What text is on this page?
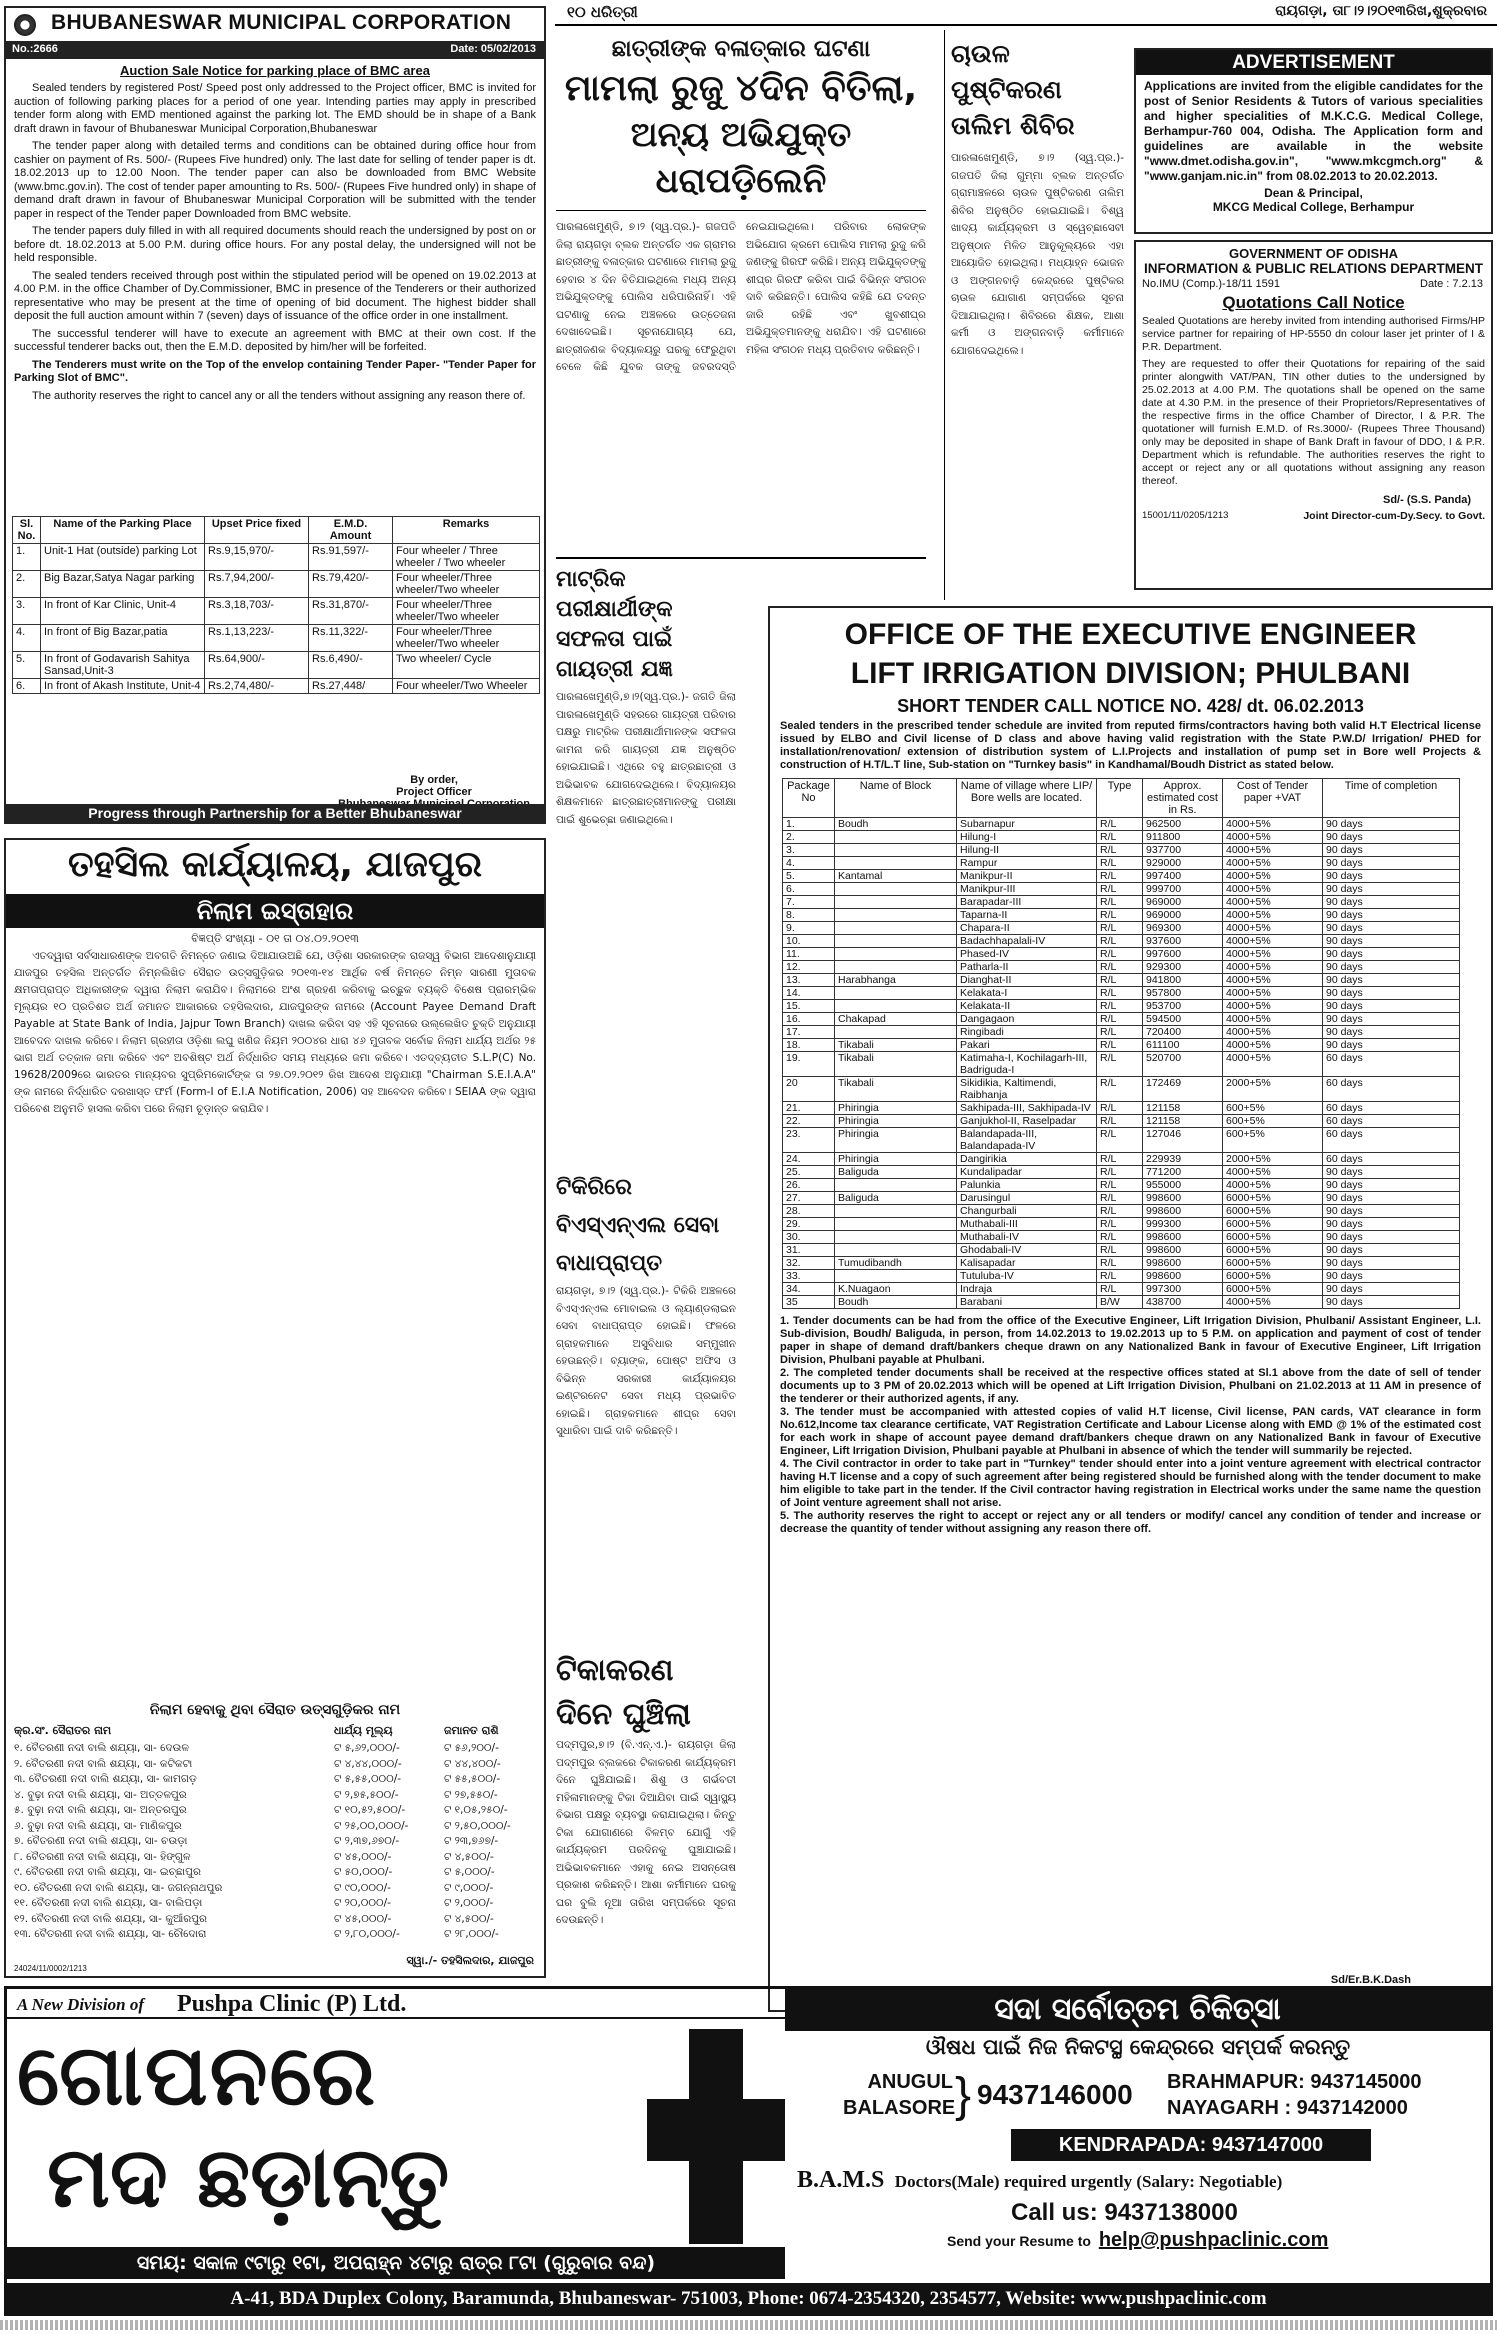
୧୦ ଧରିତ୍ରୀ	ରାୟଗଡ଼ା, ତା୮।୨।୨୦୧୩ରିଖ,ଶୁକ୍ରବାର
BHUBANESWAR MUNICIPAL CORPORATION
No.:2666	Date: 05/02/2013
Auction Sale Notice for parking place of BMC area

Sealed tenders by registered Post/ Speed post only addressed to the Project officer, BMC is invited for auction of following parking places for a period of one year. Intending parties may apply in prescribed tender form along with EMD mentioned against the parking lot. The EMD should be in shape of a Bank draft drawn in favour of Bhubaneswar Municipal Corporation,Bhubaneswar

The tender paper along with detailed terms and conditions can be obtained during office hour from cashier on payment of Rs. 500/- (Rupees Five hundred) only. The last date for selling of tender paper is dt. 18.02.2013 up to 12.00 Noon. The tender paper can also be downloaded from BMC Website (www.bmc.gov.in). The cost of tender paper amounting to Rs. 500/- (Rupees Five hundred only) in shape of demand draft drawn in favour of Bhubaneswar Municipal Corporation will be submitted with the tender paper in respect of the Tender paper Downloaded from BMC website.

The tender papers duly filled in with all required documents should reach the undersigned by post on or before dt. 18.02.2013 at 5.00 P.M. during office hours. For any postal delay, the undersigned will not be held responsible.

The sealed tenders received through post within the stipulated period will be opened on 19.02.2013 at 4.00 P.M. in the office Chamber of Dy.Commissioner, BMC in presence of the Tenderers or their authorized representative who may be present at the time of opening of bid document. The highest bidder shall deposit the full auction amount within 7 (seven) days of issuance of the office order in one installment.

The successful tenderer will have to execute an agreement with BMC at their own cost. If the successful tenderer backs out, then the E.M.D. deposited by him/her will be forfeited.

The Tenderers must write on the Top of the envelop containing Tender Paper- "Tender Paper for Parking Slot of BMC".

The authority reserves the right to cancel any or all the tenders without assigning any reason there of.

Sl. No.	Name of the Parking Place	Upset Price fixed	E.M.D. Amount	Remarks
1.	Unit-1 Hat (outside) parking Lot	Rs.9,15,970/-	Rs.91,597/-	Four wheeler / Three wheeler / Two wheeler
2.	Big Bazar,Satya Nagar parking	Rs.7,94,200/-	Rs.79,420/-	Four wheeler/Three wheeler/Two wheeler
3.	In front of Kar Clinic, Unit-4	Rs.3,18,703/-	Rs.31,870/-	Four wheeler/Three wheeler/Two wheeler
4.	In front of Big Bazar,patia	Rs.1,13,223/-	Rs.11,322/-	Four wheeler/Three wheeler/Two wheeler
5.	In front of Godavarish Sahitya Sansad,Unit-3	Rs.64,900/-	Rs.6,490/-	Two wheeler/ Cycle
6.	In front of Akash Institute, Unit-4	Rs.2,74,480/-	Rs.27,448/	Four wheeler/Two Wheeler
By order,
Project Officer
Progress through Partnership for a Better Bhubaneswar
ତହସିଲ କାର୍ଯ୍ୟାଳୟ, ଯାଜପୁର
ନିଲାମ ଇସ୍ତାହାର
ବିଜ୍ଞପ୍ତି ସଂଖ୍ୟା - ୦୧ ତା ୦୪.୦୨.୨୦୧୩

ଏତଦ୍ୱାରା ସର୍ବସାଧାରଣଙ୍କ ଅବଗତି ନିମନ୍ତେ ଜଣାଇ ଦିଆଯାଉଅଛି ଯେ, ଓଡ଼ିଶା ସରକାରଙ୍କ ରାଜସ୍ୱ ବିଭାଗ ଆଦେଶାନୁଯାୟୀ ଯାଜପୁର ତହସିଲ ଅନ୍ତର୍ଗତ ନିମ୍ନଲିଖିତ ସୈରାତ ଉତ୍ସଗୁଡ଼ିକର ୨୦୧୩-୧୪ ଆର୍ଥିକ ବର୍ଷ ନିମନ୍ତେ ନିମ୍ନ ସାରଣୀ ମୁତାବକ କ୍ଷମତାପ୍ରାପ୍ତ ଅଧିକାରୀଙ୍କ ଦ୍ୱାରା ନିଲାମ କରାଯିବ। ନିଲାମରେ ଅଂଶ ଗ୍ରହଣ କରିବାକୁ ଇଚ୍ଛୁକ ବ୍ୟକ୍ତି ବିଶେଷ ପ୍ରାରମ୍ଭିକ ମୂଲ୍ୟର ୧୦ ପ୍ରତିଶତ ଅର୍ଥ ଜମାନତ ଆକାରରେ ତହସିଲଦାର, ଯାଜପୁରଙ୍କ ନାମରେ (Account Payee Demand Draft Payable at State Bank of India, Jajpur Town Branch) ଦାଖଲ କରିବା ସହ ଏହି ସୂଚନାରେ ଉଲ୍ଲେଖିତ ଚୁକ୍ତି ଅନୁଯାୟୀ ଆବେଦନ ଦାଖଲ କରିବେ। ନିଲାମ ଗ୍ରହୀତା ଓଡ଼ିଶା ଲଘୁ ଖଣିଜ ନିୟମ ୨୦୦୪ର ଧାରା ୪୬ ମୁତାବକ ସର୍ବୋଚ୍ଚ ନିଲାମ ଧାର୍ଯ୍ୟ ଅର୍ଥର ୨୫ ଭାଗ ଅର୍ଥ ତତ୍କାଳ ଜମା କରିବେ ଏବଂ ଅବଶିଷ୍ଟ ଅର୍ଥ ନିର୍ଦ୍ଧାରିତ ସମୟ ମଧ୍ୟରେ ଜମା କରିବେ। ଏତଦ୍‌ବ୍ୟତୀତ S.L.P(C) No. 19628/2009ରେ ଭାରତର ମାନ୍ୟବର ସୁପ୍ରିମକୋର୍ଟଙ୍କ ତା ୨୭.୦୨.୨୦୧୨ ରିଖ ଆଦେଶ ଅନୁଯାୟୀ "Chairman S.E.I.A.A" ଙ୍କ ନାମରେ ନିର୍ଦ୍ଧାରିତ ଦରଖାସ୍ତ ଫର୍ମ (Form-I of E.I.A Notification, 2006) ସହ ଆବେଦନ କରିବେ। SEIAA ଙ୍କ ଦ୍ୱାରା ପରିବେଶ ଅନୁମତି ହାସଲ କରିବା ପରେ ନିଲାମ ଚୂଡ଼ାନ୍ତ କରାଯିବ।

ନିଲାମ ହେବାକୁ ଥିବା ସୈରାତ ଉତ୍ସଗୁଡ଼ିକର ନାମ
କ୍ର.ସଂ. ସୈରାତର ନାମ	ଧାର୍ଯ୍ୟ ମୂଲ୍ୟ	ଜମାନତ ରାଶି
୧. ବୈତରଣୀ ନଦୀ ବାଲି ଶଯ୍ୟା, ସା- ଦେଉଳ	ଟ ୫,୬୨,୦୦୦/-	ଟ ୫୬,୨୦୦/-
୨. ବୈତରଣୀ ନଦୀ ବାଲି ଶଯ୍ୟା, ସା- କଟିକଟା	ଟ ୪,୪୪,୦୦୦/-	ଟ ୪୪,୪୦୦/-
୩. ବୈତରଣୀ ନଦୀ ବାଲି ଶଯ୍ୟା, ସା- କାମଗଡ଼	ଟ ୫,୫୫,୦୦୦/-	ଟ ୫୫,୫୦୦/-
୪. ବୁଢ଼ା ନଦୀ ବାଲି ଶଯ୍ୟା, ସା- ଅତ୍ତଳପୁର	ଟ ୨,୭୫,୫୦୦/-	ଟ ୨୭,୫୫୦/-
୫. ବୁଢ଼ା ନଦୀ ବାଲି ଶଯ୍ୟା, ସା- ଅନ୍ତରପୁର	ଟ ୧୦,୫୨,୫୦୦/-	ଟ ୧,୦୫,୨୫୦/-
୬. ବୁଢ଼ା ନଦୀ ବାଲି ଶଯ୍ୟା, ସା- ମାଣିକପୁର	ଟ ୨୫,୦୦,୦୦୦/-	ଟ ୨,୫୦,୦୦୦/-
୭. ବୈତରଣୀ ନଦୀ ବାଲି ଶଯ୍ୟା, ସା- ଚଉଡ଼ା	ଟ ୨,୩୭,୬୭୦/-	ଟ ୨୩,୭୬୭/-
୮. ବୈତରଣୀ ନଦୀ ବାଲି ଶଯ୍ୟା, ସା- ହିଙ୍ଗୁଳ	ଟ ୪୫,୦୦୦/-	ଟ ୪,୫୦୦/-
୯. ବୈତରଣୀ ନଦୀ ବାଲି ଶଯ୍ୟା, ସା- ଇଚ୍ଛାପୁର	ଟ ୫୦,୦୦୦/-	ଟ ୫,୦୦୦/-
୧୦. ବୈତରଣୀ ନଦୀ ବାଲି ଶଯ୍ୟା, ସା- ଜଗନ୍ନାଥପୁର	ଟ ୯୦,୦୦୦/-	ଟ ୯,୦୦୦/-
୧୧. ବୈତରଣୀ ନଦୀ ବାଲି ଶଯ୍ୟା, ସା- ବାଲିପଡ଼ା	ଟ ୨୦,୦୦୦/-	ଟ ୨,୦୦୦/-
୧୨. ବୈତରଣୀ ନଦୀ ବାଲି ଶଯ୍ୟା, ସା- କୁଆଁରପୁର	ଟ ୪୫,୦୦୦/-	ଟ ୪,୫୦୦/-
୧୩. ବୈତରଣୀ ନଦୀ ବାଲି ଶଯ୍ୟା, ସା- ଚୌଦୋରା	ଟ ୨,୮୦,୦୦୦/-	ଟ ୨୮,୦୦୦/-
ସ୍ୱା./- ତହସିଲଦାର, ଯାଜପୁର
24024/11/0002/1213
ଛାତ୍ରୀଙ୍କ ବଳାତ୍କାର ଘଟଣା
ମାମଲା ରୁଜୁ ୪ଦିନ ବିତିଲା,
ଅନ୍ୟ ଅଭିଯୁକ୍ତ ଧରାପଡ଼ିଲେନି

ପାରଳାଖେମୁଣ୍ଡି, ୭।୨ (ସ୍ୱ.ପ୍ର.)- ଗଜପତି ଜିଲା ରାୟଗଡ଼ା ବ୍ଲକ ଅନ୍ତର୍ଗତ ଏକ ଗ୍ରାମର ଛାତ୍ରୀଙ୍କୁ ବଳାତ୍କାର ଘଟଣାରେ ମାମଲା ରୁଜୁ ହେବାର ୪ ଦିନ ବିତିଯାଇଥିଲେ ମଧ୍ୟ ଅନ୍ୟ ଅଭିଯୁକ୍ତଙ୍କୁ ପୋଲିସ ଧରିପାରିନାହିଁ। ଏହି ଘଟଣାକୁ ନେଇ ଅଞ୍ଚଳରେ ଉତ୍ତେଜନା ଦେଖାଦେଇଛି। ସୂଚନାଯୋଗ୍ୟ ଯେ, ଛାତ୍ରୀଜଣକ ବିଦ୍ୟାଳୟରୁ ଘରକୁ ଫେରୁଥିବା ବେଳେ କିଛି ଯୁବକ ତାଙ୍କୁ ଜବରଦସ୍ତି ନେଇଯାଇଥିଲେ। ପରିବାର ଲୋକଙ୍କ ଅଭିଯୋଗ କ୍ରମେ ପୋଲିସ ମାମଲା ରୁଜୁ କରି ଜଣଙ୍କୁ ଗିରଫ କରିଛି। ଅନ୍ୟ ଅଭିଯୁକ୍ତଙ୍କୁ ଶୀଘ୍ର ଗିରଫ କରିବା ପାଇଁ ବିଭିନ୍ନ ସଂଗଠନ ଦାବି କରିଛନ୍ତି। ପୋଲିସ କହିଛି ଯେ ତଦନ୍ତ ଜାରି ରହିଛି ଏବଂ ଖୁବଶୀଘ୍ର ଅଭିଯୁକ୍ତମାନଙ୍କୁ ଧରାଯିବ। ଏହି ଘଟଣାରେ ମହିଳା ସଂଗଠନ ମଧ୍ୟ ପ୍ରତିବାଦ କରିଛନ୍ତି।

ମାଟ୍ରିକ ପରୀକ୍ଷାର୍ଥୀଙ୍କ ସଫଳତା ପାଇଁ ଗାୟତ୍ରୀ ଯଜ୍ଞ

ପାରଳାଖେମୁଣ୍ଡି,୭।୨(ସ୍ୱ.ପ୍ର.)- ଜଗତି ଜିଲା ପାରଳାଖେମୁଣ୍ଡି ସହରରେ ଗାୟତ୍ରୀ ପରିବାର ପକ୍ଷରୁ ମାଟ୍ରିକ ପରୀକ୍ଷାର୍ଥୀମାନଙ୍କ ସଫଳତା କାମନା କରି ଗାୟତ୍ରୀ ଯଜ୍ଞ ଅନୁଷ୍ଠିତ ହୋଇଯାଇଛି। ଏଥିରେ ବହୁ ଛାତ୍ରଛାତ୍ରୀ ଓ ଅଭିଭାବକ ଯୋଗଦେଇଥିଲେ। ବିଦ୍ୟାଳୟର ଶିକ୍ଷକମାନେ ଛାତ୍ରଛାତ୍ରୀମାନଙ୍କୁ ପରୀକ୍ଷା ପାଇଁ ଶୁଭେଚ୍ଛା ଜଣାଇଥିଲେ।

ଟିକିରିରେ ବିଏସ୍‌ଏନ୍‌ଏଲ ସେବା ବାଧାପ୍ରାପ୍ତ

ରାୟଗଡ଼ା, ୭।୨ (ସ୍ୱ.ପ୍ର.)- ଟିକିରି ଅଞ୍ଚଳରେ ବିଏସ୍‌ଏନ୍‌ଏଲ ମୋବାଇଲ ଓ ଲ୍ୟାଣ୍ଡଲାଇନ ସେବା ବାଧାପ୍ରାପ୍ତ ହୋଇଛି। ଫଳରେ ଗ୍ରାହକମାନେ ଅସୁବିଧାର ସମ୍ମୁଖୀନ ହେଉଛନ୍ତି। ବ୍ୟାଙ୍କ, ପୋଷ୍ଟ ଅଫିସ ଓ ବିଭିନ୍ନ ସରକାରୀ କାର୍ଯ୍ୟାଳୟର ଇଣ୍ଟରନେଟ ସେବା ମଧ୍ୟ ପ୍ରଭାବିତ ହୋଇଛି। ଗ୍ରାହକମାନେ ଶୀଘ୍ର ସେବା ସୁଧାରିବା ପାଇଁ ଦାବି କରିଛନ୍ତି।

ଟିକାକରଣ ଦିନେ ଘୁଞ୍ଚିଲା

ପଦ୍ମପୁର,୭।୨ (ବି.ଏନ୍.ଏ.)- ରାୟଗଡ଼ା ଜିଲା ପଦ୍ମପୁର ବ୍ଲକରେ ଟିକାକରଣ କାର୍ଯ୍ୟକ୍ରମ ଦିନେ ଘୁଞ୍ଚିଯାଇଛି। ଶିଶୁ ଓ ଗର୍ଭବତୀ ମହିଳାମାନଙ୍କୁ ଟିକା ଦିଆଯିବା ପାଇଁ ସ୍ୱାସ୍ଥ୍ୟ ବିଭାଗ ପକ୍ଷରୁ ବ୍ୟବସ୍ଥା କରାଯାଇଥିଲା। କିନ୍ତୁ ଟିକା ଯୋଗାଣରେ ବିଳମ୍ବ ଯୋଗୁଁ ଏହି କାର୍ଯ୍ୟକ୍ରମ ପରଦିନକୁ ଘୁଞ୍ଚାଯାଇଛି। ଅଭିଭାବକମାନେ ଏହାକୁ ନେଇ ଅସନ୍ତୋଷ ପ୍ରକାଶ କରିଛନ୍ତି। ଆଶା କର୍ମୀମାନେ ଘରକୁ ଘର ବୁଲି ନୂଆ ତାରିଖ ସମ୍ପର୍କରେ ସୂଚନା ଦେଉଛନ୍ତି।

ଚାଉଳ ପୁଷ୍ଟିକରଣ ତାଲିମ ଶିବିର

ପାରଳାଖେମୁଣ୍ଡି, ୭।୨ (ସ୍ୱ.ପ୍ର.)- ଗଜପତି ଜିଲା ଗୁମ୍ମା ବ୍ଲକ ଅନ୍ତର୍ଗତ ଗ୍ରାମାଞ୍ଚଳରେ ଚାଉଳ ପୁଷ୍ଟିକରଣ ତାଲିମ ଶିବିର ଅନୁଷ୍ଠିତ ହୋଇଯାଇଛି। ବିଶ୍ୱ ଖାଦ୍ୟ କାର୍ଯ୍ୟକ୍ରମ ଓ ସ୍ୱେଚ୍ଛାସେବୀ ଅନୁଷ୍ଠାନ ମିଳିତ ଆନୁକୂଲ୍ୟରେ ଏହା ଆୟୋଜିତ ହୋଇଥିଲା। ମଧ୍ୟାହ୍ନ ଭୋଜନ ଓ ଅଙ୍ଗନବାଡ଼ି କେନ୍ଦ୍ରରେ ପୁଷ୍ଟିକର ଚାଉଳ ଯୋଗାଣ ସମ୍ପର୍କରେ ସୂଚନା ଦିଆଯାଇଥିଲା। ଶିବିରରେ ଶିକ୍ଷକ, ଆଶା କର୍ମୀ ଓ ଅଙ୍ଗନବାଡ଼ି କର୍ମୀମାନେ ଯୋଗଦେଇଥିଲେ।

ADVERTISEMENT

Applications are invited from the eligible candidates for the post of Senior Residents & Tutors of various specialities and higher specialities of M.K.C.G. Medical College, Berhampur-760 004, Odisha. The Application form and guidelines are available in the website "www.dmet.odisha.gov.in", "www.mkcgmch.org" & "www.ganjam.nic.in" from 08.02.2013 to 20.02.2013.

Dean & Principal,
MKCG Medical College, Berhampur
GOVERNMENT OF ODISHA
INFORMATION & PUBLIC RELATIONS DEPARTMENT
No.IMU (Comp.)-18/11 1591	Date : 7.2.13
Quotations Call Notice

Sealed Quotations are hereby invited from intending authorised Firms/HP service partner for repairing of HP-5550 dn colour laser jet printer of I & P.R. Department.

They are requested to offer their Quotations for repairing of the said printer alongwith VAT/PAN, TIN other duties to the undersigned by 25.02.2013 at 4.00 P.M. The quotations shall be opened on the same date at 4.30 P.M. in the presence of their Proprietors/Representatives of the respective firms in the office Chamber of Director, I & P.R. The quotationer will furnish E.M.D. of Rs.3000/- (Rupees Three Thousand) only may be deposited in shape of Bank Draft in favour of DDO, I & P.R. Department which is refundable. The authorities reserves the right to accept or reject any or all quotations without assigning any reason thereof.

Sd/- (S.S. Panda)
15001/11/0205/1213	Joint Director-cum-Dy.Secy. to Govt.
OFFICE OF THE EXECUTIVE ENGINEER
LIFT IRRIGATION DIVISION; PHULBANI
SHORT TENDER CALL NOTICE NO. 428/ dt. 06.02.2013

Sealed tenders in the prescribed tender schedule are invited from reputed firms/contractors having both valid H.T Electrical license issued by ELBO and Civil license of D class and above having valid registration with the State P.W.D/ Irrigation/ PHED for installation/renovation/ extension of distribution system of L.I.Projects and installation of pump set in Bore well Projects & construction of H.T/L.T line, Sub-station on "Turnkey basis" in Kandhamal/Boudh District as stated below.

Package No	Name of Block	Name of village where LIP/ Bore wells are located.	Type	Approx. estimated cost in Rs.	Cost of Tender paper +VAT	Time of completion
1.	Boudh	Subarnapur	R/L	962500	4000+5%	90 days
2.		Hilung-I	R/L	911800	4000+5%	90 days
3.		Hilung-II	R/L	937700	4000+5%	90 days
4.		Rampur	R/L	929000	4000+5%	90 days
5.	Kantamal	Manikpur-II	R/L	997400	4000+5%	90 days
6.		Manikpur-III	R/L	999700	4000+5%	90 days
7.		Barapadar-III	R/L	969000	4000+5%	90 days
8.		Taparna-II	R/L	969000	4000+5%	90 days
9.		Chapara-II	R/L	969300	4000+5%	90 days
10.		Badachhapalali-IV	R/L	937600	4000+5%	90 days
11.		Phased-IV	R/L	997600	4000+5%	90 days
12.		Patharla-II	R/L	929300	4000+5%	90 days
13.	Harabhanga	Dianghat-II	R/L	941800	4000+5%	90 days
14.		Kelakata-I	R/L	957800	4000+5%	90 days
15.		Kelakata-II	R/L	953700	4000+5%	90 days
16.	Chakapad	Dangagaon	R/L	594500	4000+5%	90 days
17.		Ringibadi	R/L	720400	4000+5%	90 days
18.	Tikabali	Pakari	R/L	611100	4000+5%	90 days
19.	Tikabali	Katimaha-I, Kochilagarh-III, Badriguda-I	R/L	520700	4000+5%	60 days
20	Tikabali	Sikidikia, Kaltimendi, Raibhanja	R/L	172469	2000+5%	60 days
21.	Phiringia	Sakhipada-III, Sakhipada-IV	R/L	121158	600+5%	60 days
22.	Phiringia	Ganjukhol-II, Raselpadar	R/L	121158	600+5%	60 days
23.	Phiringia	Balandapada-III, Balandapada-IV	R/L	127046	600+5%	60 days
24.	Phiringia	Dangirikia	R/L	229939	2000+5%	60 days
25.	Baliguda	Kundalipadar	R/L	771200	4000+5%	90 days
26.		Palunkia	R/L	955000	4000+5%	90 days
27.	Baliguda	Darusingul	R/L	998600	6000+5%	90 days
28.		Changurbali	R/L	998600	6000+5%	90 days
29.		Muthabali-III	R/L	999300	6000+5%	90 days
30.		Muthabali-IV	R/L	998600	6000+5%	90 days
31.		Ghodabali-IV	R/L	998600	6000+5%	90 days
32.	Tumudibandh	Kalisapadar	R/L	998600	6000+5%	90 days
33.		Tutuluba-IV	R/L	998600	6000+5%	90 days
34.	K.Nuagaon	Indraja	R/L	997300	6000+5%	90 days
35	Boudh	Barabani	B/W	438700	4000+5%	90 days

1. Tender documents can be had from the office of the Executive Engineer, Lift Irrigation Division, Phulbani/ Assistant Engineer, L.I. Sub-division, Boudh/ Baliguda, in person, from 14.02.2013 to 19.02.2013 up to 5 P.M. on application and payment of cost of tender paper in shape of demand draft/bankers cheque drawn on any Nationalized Bank in favour of Executive Engineer, Lift Irrigation Division, Phulbani payable at Phulbani.

2. The completed tender documents shall be received at the respective offices stated at Sl.1 above from the date of sell of tender documents up to 3 PM of 20.02.2013 which will be opened at Lift Irrigation Division, Phulbani on 21.02.2013 at 11 AM in presence of the tenderer or their authorized agents, if any.

3. The tender must be accompanied with attested copies of valid H.T license, Civil license, PAN cards, VAT clearance in form No.612,Income tax clearance certificate, VAT Registration Certificate and Labour License along with EMD @ 1% of the estimated cost for each work in shape of account payee demand draft/bankers cheque drawn on any Nationalized Bank in favour of Executive Engineer, Lift Irrigation Division, Phulbani payable at Phulbani in absence of which the tender will summarily be rejected.

4. The Civil contractor in order to take part in "Turnkey" tender should enter into a joint venture agreement with electrical contractor having H.T license and a copy of such agreement after being registered should be furnished along with the tender document to make him eligible to take part in the tender. If the Civil contractor having registration in Electrical works under the same name the question of Joint venture agreement shall not arise.

5. The authority reserves the right to accept or reject any or all tenders or modify/ cancel any condition of tender and increase or decrease the quantity of tender without assigning any reason there off.

Sd/Er.B.K.Dash
A New Division of Pushpa Clinic (P) Ltd.	ସଦା ସର୍ବୋତ୍ତମ ଚିକିତ୍ସା
ଗୋପନରେ
ମଦ ଛଡ଼ାନ୍ତୁ
ଔଷଧ ପାଇଁ ନିଜ ନିକଟସ୍ଥ କେନ୍ଦ୍ରରେ ସମ୍ପର୍କ କରନ୍ତୁ
ANUGUL
BALASORE } 9437146000 BRAHMAPUR: 9437145000
NAYAGARH : 9437142000
KENDRAPADA: 9437147000
B.A.M.S Doctors(Male) required urgently (Salary: Negotiable)
Call us: 9437138000
Send your Resume to help@pushpaclinic.com
ସମୟ: ସକାଳ ୯ଟାରୁ ୧ଟା, ଅପରାହ୍ନ ୪ଟାରୁ ରାତ୍ର ୮ଟା (ଗୁରୁବାର ବନ୍ଦ)
A-41, BDA Duplex Colony, Baramunda, Bhubaneswar- 751003, Phone: 0674-2354320, 2354577, Website: www.pushpaclinic.com
